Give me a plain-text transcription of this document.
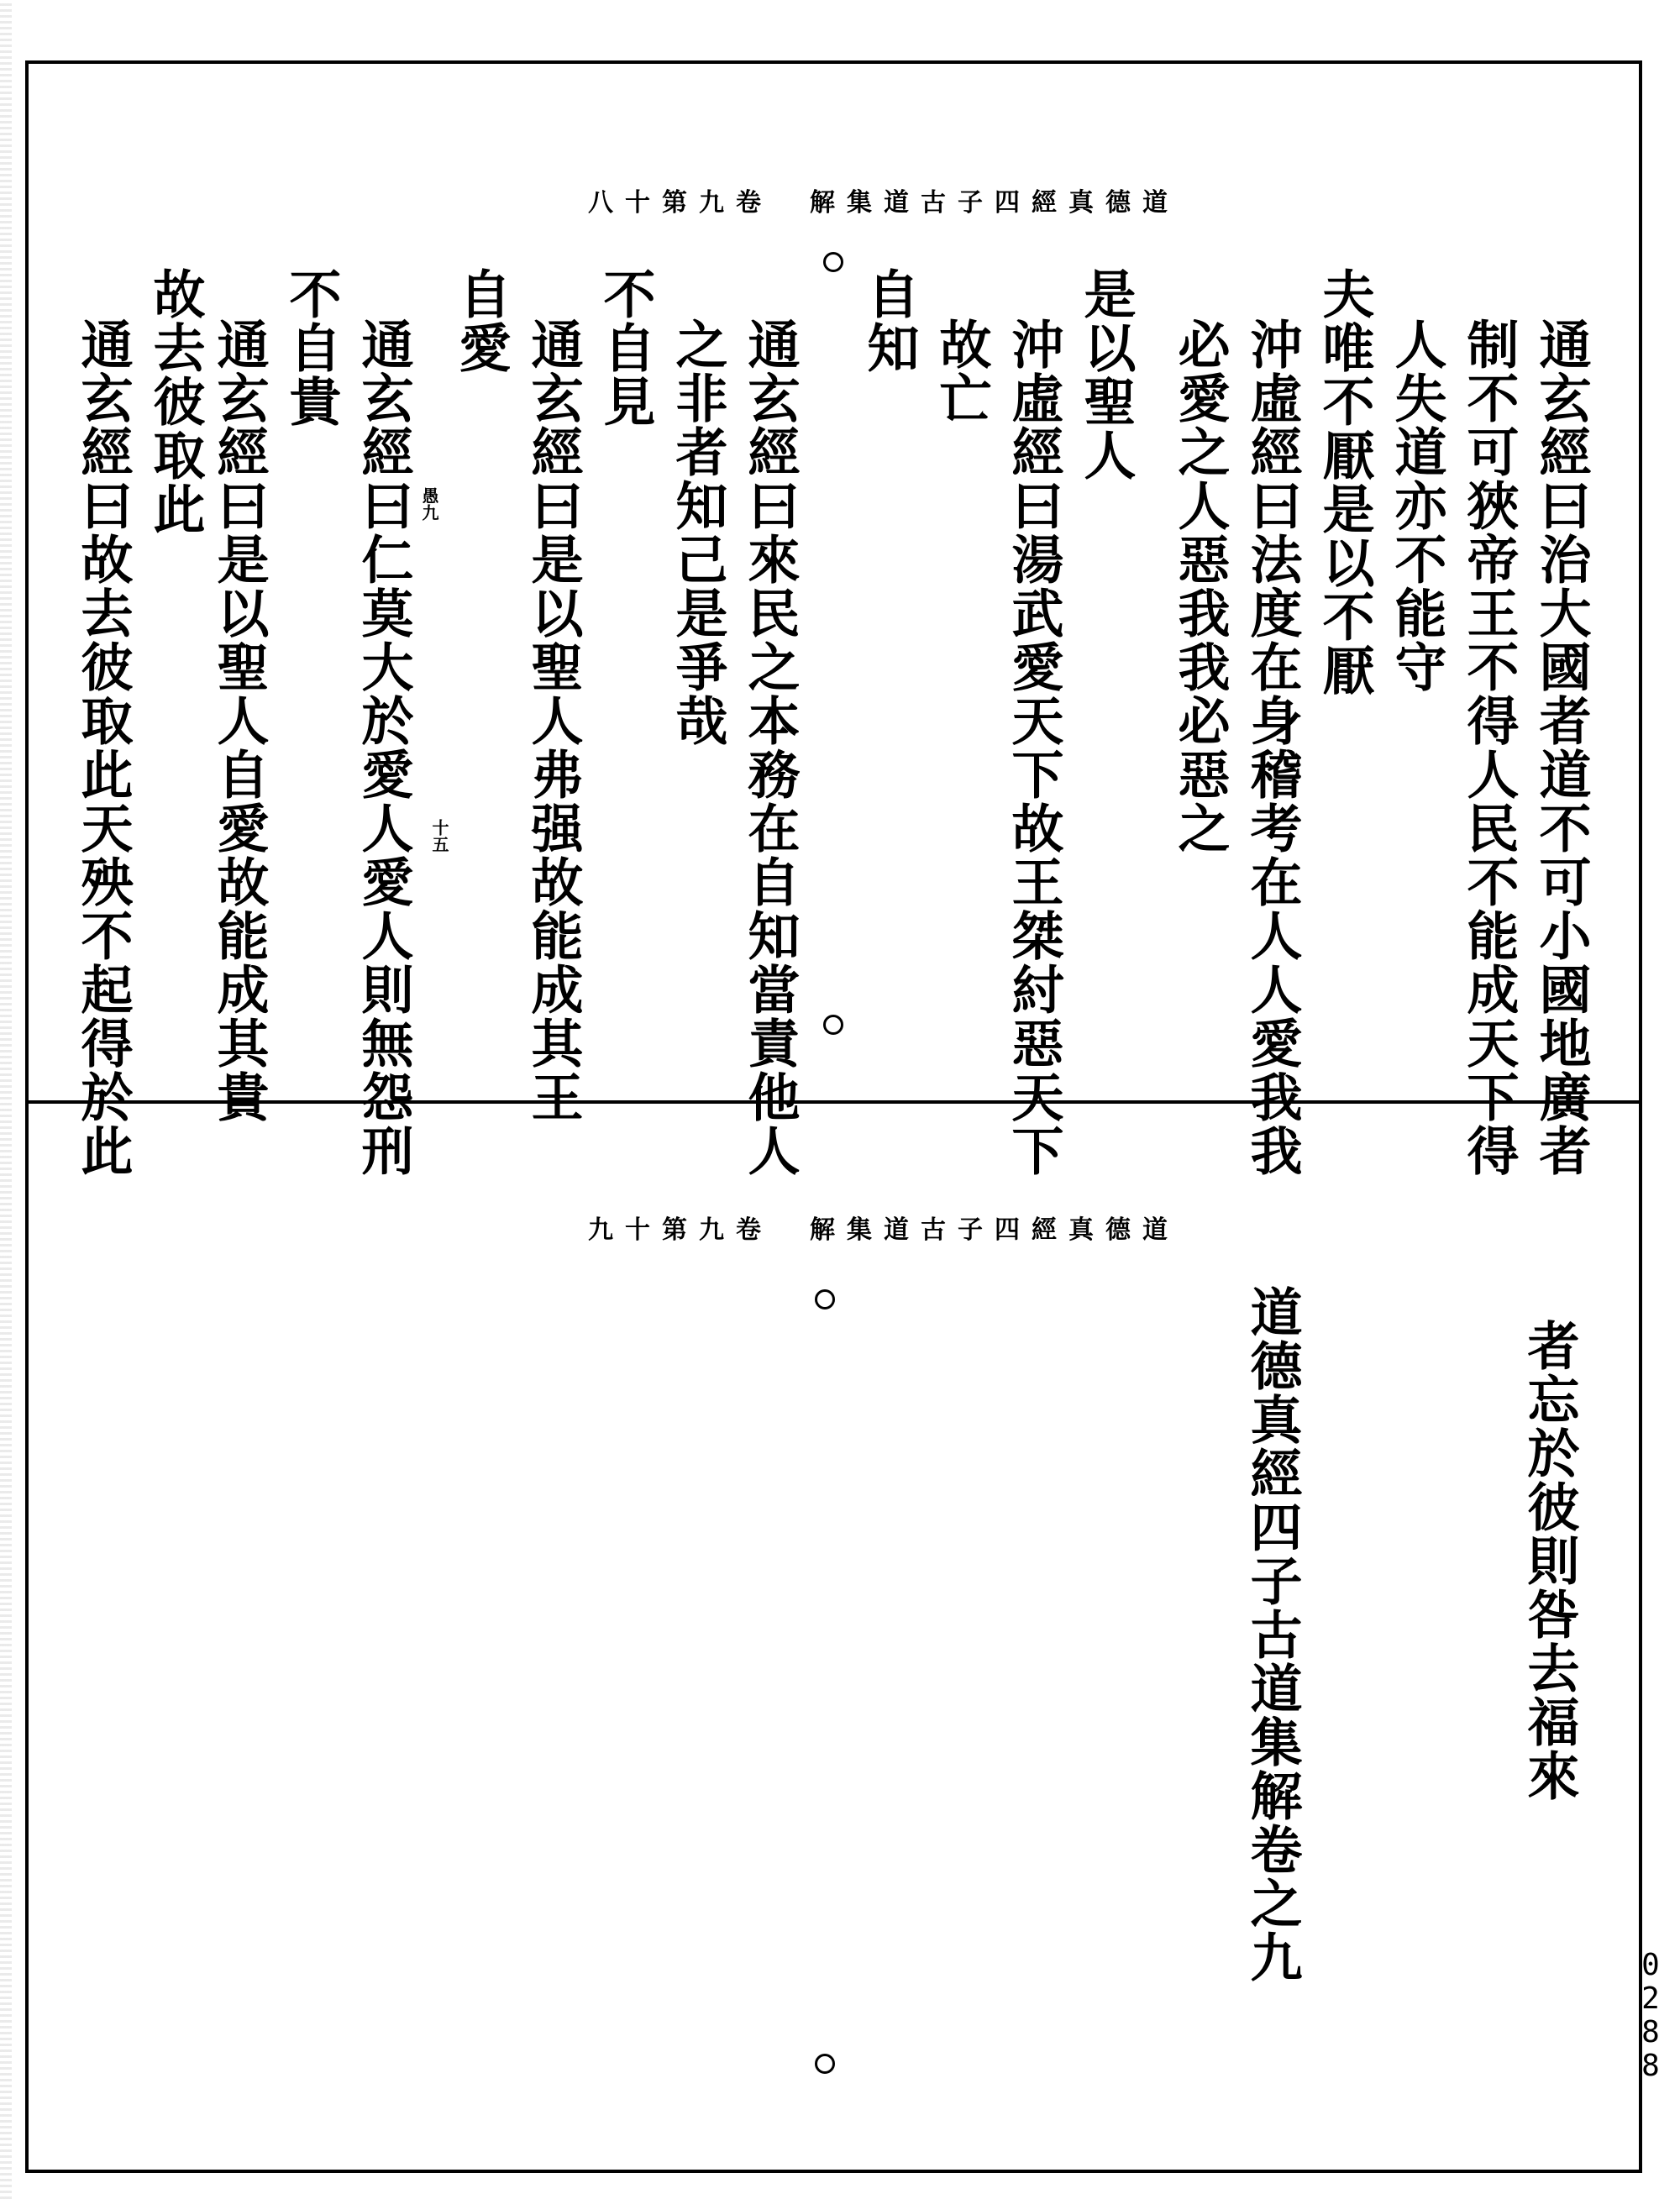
道德真經四子古道集解　卷九第十八
通玄經曰治大國者道不可小國地廣者
制不可狹帝王不得人民不能成天下得
人失道亦不能守
夫唯不厭是以不厭
沖虛經曰法度在身稽考在人人愛我我
必愛之人惡我我必惡之
是以聖人
沖虛經曰湯武愛天下故王桀紂惡天下
故亡
自知
通玄經曰來民之本務在自知當責他人
之非者知己是爭哉
不自見
通玄經曰是以聖人弗强故能成其王
自愛
通玄經曰仁莫大於愛人愛人則無怨刑
不自貴
通玄經曰是以聖人自愛故能成其貴
故去彼取此
通玄經曰故去彼取此天殃不起得於此	愚九
十五
道德真經四子古道集解　卷九第十九
者忘於彼則咎去福來
道德真經四子古道集解卷之九	0288
